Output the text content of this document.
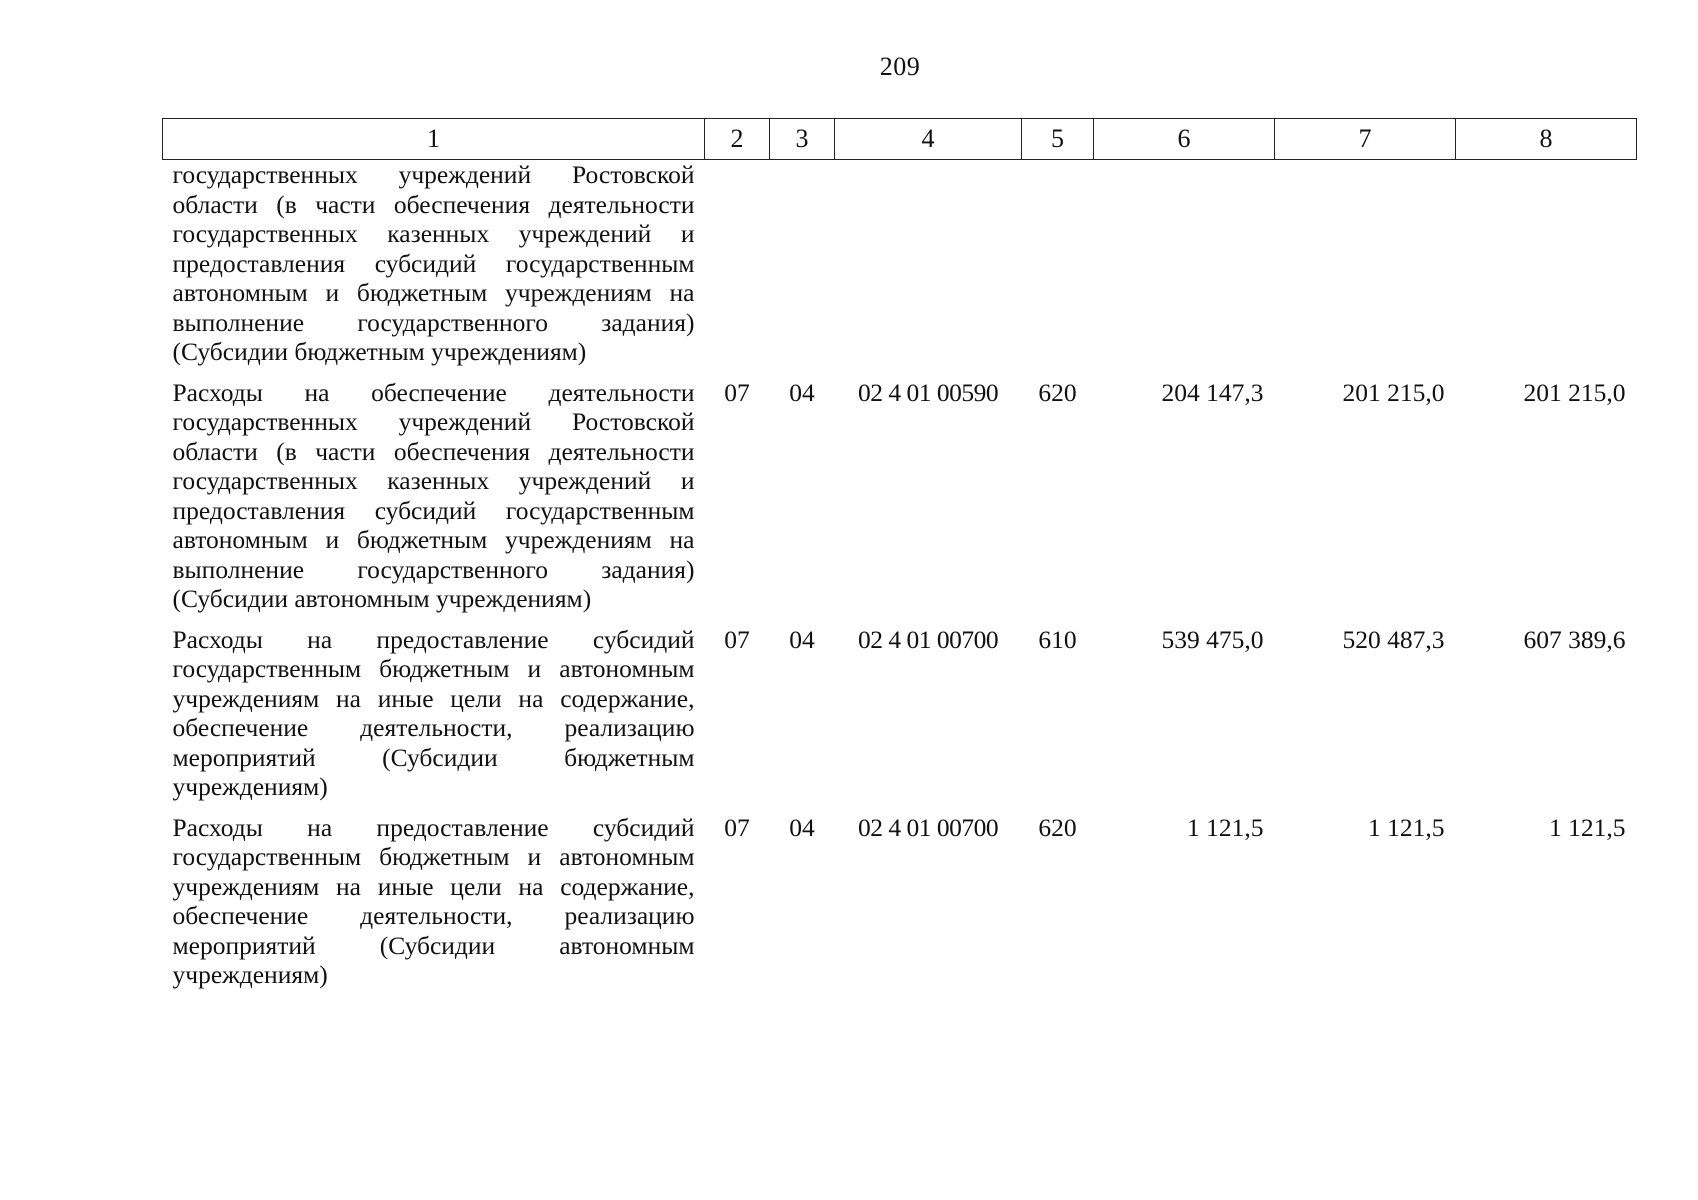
209
1	2	3	4	5	6	7	8
государственных учреждений Ростовской области (в части обеспечения деятельности государственных казенных учреждений и предоставления субсидий государственным автономным и бюджетным учреждениям на выполнение государственного задания) (Субсидии бюджетным учреждениям)							
Расходы на обеспечение деятельности государственных учреждений Ростовской области (в части обеспечения деятельности государственных казенных учреждений и предоставления субсидий государственным автономным и бюджетным учреждениям на выполнение государственного задания) (Субсидии автономным учреждениям)	07	04	02 4 01 00590	620	204 147,3	201 215,0	201 215,0
Расходы на предоставление субсидий государственным бюджетным и автономным учреждениям на иные цели на содержание, обеспечение деятельности, реализацию мероприятий (Субсидии бюджетным учреждениям)	07	04	02 4 01 00700	610	539 475,0	520 487,3	607 389,6
Расходы на предоставление субсидий государственным бюджетным и автономным учреждениям на иные цели на содержание, обеспечение деятельности, реализацию мероприятий (Субсидии автономным учреждениям)	07	04	02 4 01 00700	620	1 121,5	1 121,5	1 121,5
